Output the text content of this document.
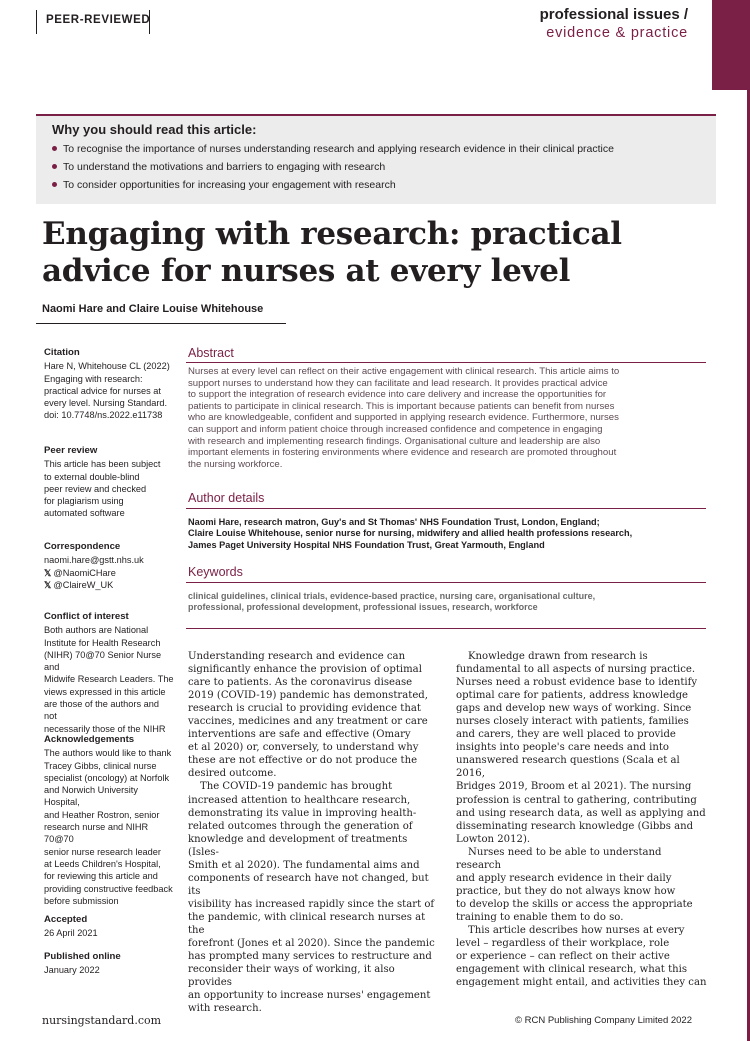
PEER-REVIEWED	professional issues /
evidence & practice
Why you should read this article:
To recognise the importance of nurses understanding research and applying research evidence in their clinical practice
To understand the motivations and barriers to engaging with research
To consider opportunities for increasing your engagement with research
Engaging with research: practical
advice for nurses at every level
Naomi Hare and Claire Louise Whitehouse
Citation
Hare N, Whitehouse CL (2022)
Engaging with research:
practical advice for nurses at
every level. Nursing Standard.
doi: 10.7748/ns.2022.e11738
Peer review
This article has been subject
to external double-blind
peer review and checked
for plagiarism using
automated software
Correspondence
naomi.hare@gstt.nhs.uk
𝕏 @NaomiCHare
𝕏 @ClaireW_UK
Conflict of interest
Both authors are National
Institute for Health Research
(NIHR) 70@70 Senior Nurse and
Midwife Research Leaders. The
views expressed in this article
are those of the authors and not
necessarily those of the NIHR
Acknowledgements
The authors would like to thank
Tracey Gibbs, clinical nurse
specialist (oncology) at Norfolk
and Norwich University Hospital,
and Heather Rostron, senior
research nurse and NIHR 70@70
senior nurse research leader
at Leeds Children's Hospital,
for reviewing this article and
providing constructive feedback
before submission
Accepted
26 April 2021
Published online
January 2022
Abstract
Nurses at every level can reflect on their active engagement with clinical research. This article aims to
support nurses to understand how they can facilitate and lead research. It provides practical advice
to support the integration of research evidence into care delivery and increase the opportunities for
patients to participate in clinical research. This is important because patients can benefit from nurses
who are knowledgeable, confident and supported in applying research evidence. Furthermore, nurses
can support and inform patient choice through increased confidence and competence in engaging
with research and implementing research findings. Organisational culture and leadership are also
important elements in fostering environments where evidence and research are promoted throughout
the nursing workforce.
Author details
Naomi Hare, research matron, Guy's and St Thomas' NHS Foundation Trust, London, England;
Claire Louise Whitehouse, senior nurse for nursing, midwifery and allied health professions research,
James Paget University Hospital NHS Foundation Trust, Great Yarmouth, England
Keywords
clinical guidelines, clinical trials, evidence-based practice, nursing care, organisational culture,
professional, professional development, professional issues, research, workforce
Understanding research and evidence can
significantly enhance the provision of optimal
care to patients. As the coronavirus disease
2019 (COVID-19) pandemic has demonstrated,
research is crucial to providing evidence that
vaccines, medicines and any treatment or care
interventions are safe and effective (Omary
et al 2020) or, conversely, to understand why
these are not effective or do not produce the
desired outcome.
The COVID-19 pandemic has brought
increased attention to healthcare research,
demonstrating its value in improving health-
related outcomes through the generation of
knowledge and development of treatments (Isles-
Smith et al 2020). The fundamental aims and
components of research have not changed, but its
visibility has increased rapidly since the start of
the pandemic, with clinical research nurses at the
forefront (Jones et al 2020). Since the pandemic
has prompted many services to restructure and
reconsider their ways of working, it also provides
an opportunity to increase nurses' engagement
with research.
Knowledge drawn from research is
fundamental to all aspects of nursing practice.
Nurses need a robust evidence base to identify
optimal care for patients, address knowledge
gaps and develop new ways of working. Since
nurses closely interact with patients, families
and carers, they are well placed to provide
insights into people's care needs and into
unanswered research questions (Scala et al 2016,
Bridges 2019, Broom et al 2021). The nursing
profession is central to gathering, contributing
and using research data, as well as applying and
disseminating research knowledge (Gibbs and
Lowton 2012).
Nurses need to be able to understand research
and apply research evidence in their daily
practice, but they do not always know how
to develop the skills or access the appropriate
training to enable them to do so.
This article describes how nurses at every
level – regardless of their workplace, role
or experience – can reflect on their active
engagement with clinical research, what this
engagement might entail, and activities they can
nursingstandard.com	© RCN Publishing Company Limited 2022
